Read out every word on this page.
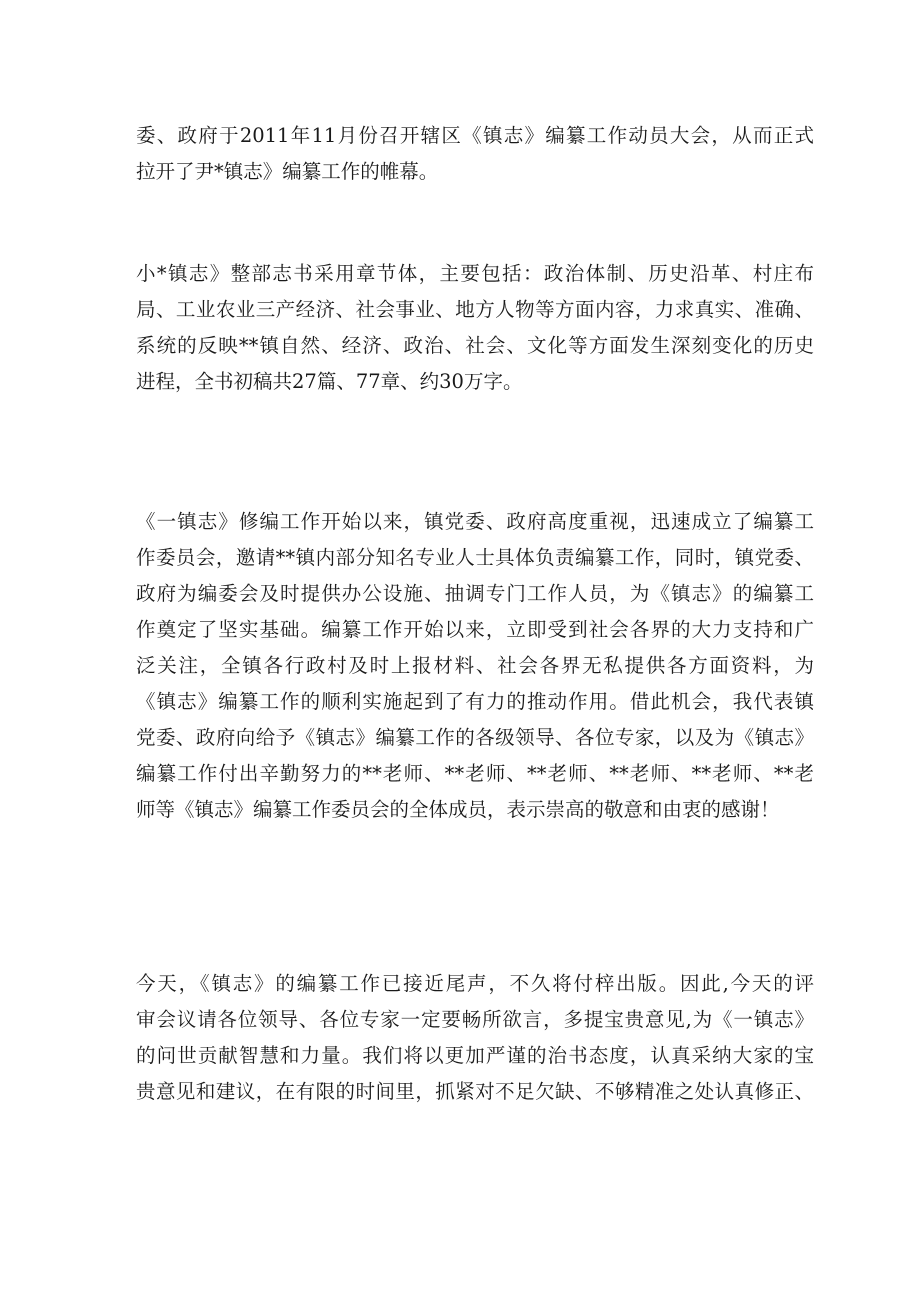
委、政府于2011年11月份召开辖区《镇志》编纂工作动员大会，从而正式
拉开了尹*镇志》编纂工作的帷幕。

小*镇志》整部志书采用章节体，主要包括：政治体制、历史沿革、村庄布
局、工业农业三产经济、社会事业、地方人物等方面内容，力求真实、准确、
系统的反映**镇自然、经济、政治、社会、文化等方面发生深刻变化的历史
进程，全书初稿共27篇、77章、约30万字。

《一镇志》修编工作开始以来，镇党委、政府高度重视，迅速成立了编纂工
作委员会，邀请**镇内部分知名专业人士具体负责编纂工作，同时，镇党委、
政府为编委会及时提供办公设施、抽调专门工作人员，为《镇志》的编纂工
作奠定了坚实基础。编纂工作开始以来，立即受到社会各界的大力支持和广
泛关注，全镇各行政村及时上报材料、社会各界无私提供各方面资料，为
《镇志》编纂工作的顺利实施起到了有力的推动作用。借此机会，我代表镇
党委、政府向给予《镇志》编纂工作的各级领导、各位专家，以及为《镇志》
编纂工作付出辛勤努力的**老师、**老师、**老师、**老师、**老师、**老
师等《镇志》编纂工作委员会的全体成员，表示崇高的敬意和由衷的感谢！

今天，《镇志》的编纂工作已接近尾声，不久将付梓出版。因此,今天的评
审会议请各位领导、各位专家一定要畅所欲言，多提宝贵意见,为《一镇志》
的问世贡献智慧和力量。我们将以更加严谨的治书态度，认真采纳大家的宝
贵意见和建议，在有限的时间里，抓紧对不足欠缺、不够精准之处认真修正、
